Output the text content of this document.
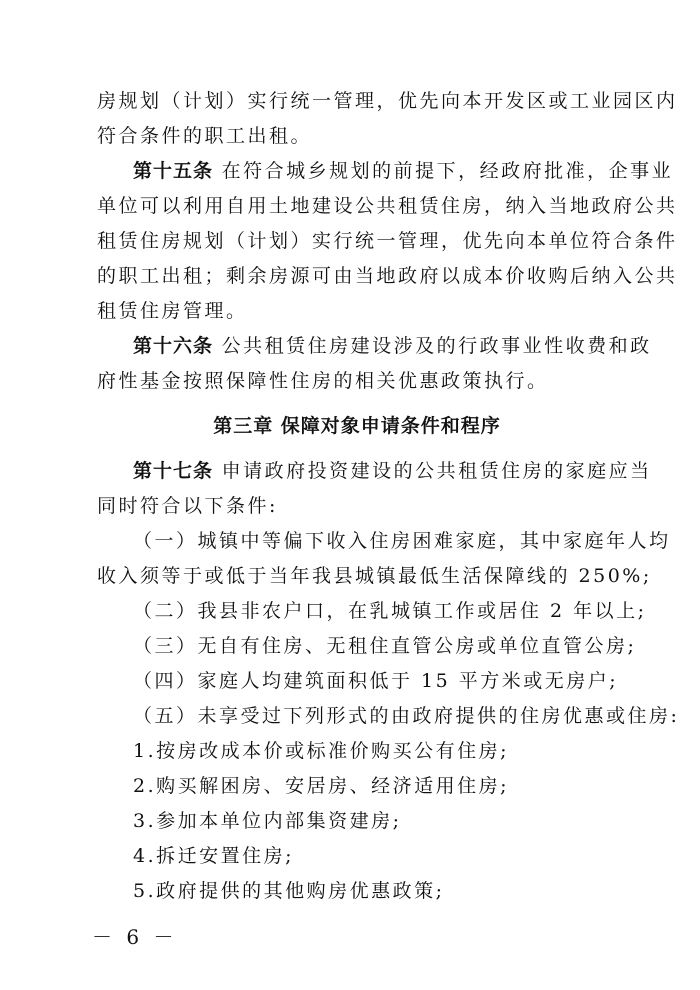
房规划（计划）实行统一管理，优先向本开发区或工业园区内
符合条件的职工出租。
第十五条 在符合城乡规划的前提下，经政府批准，企事业
单位可以利用自用土地建设公共租赁住房，纳入当地政府公共
租赁住房规划（计划）实行统一管理，优先向本单位符合条件
的职工出租；剩余房源可由当地政府以成本价收购后纳入公共
租赁住房管理。
第十六条 公共租赁住房建设涉及的行政事业性收费和政
府性基金按照保障性住房的相关优惠政策执行。
第三章 保障对象申请条件和程序
第十七条 申请政府投资建设的公共租赁住房的家庭应当
同时符合以下条件:
（一）城镇中等偏下收入住房困难家庭，其中家庭年人均
收入须等于或低于当年我县城镇最低生活保障线的 250%;
（二）我县非农户口，在乳城镇工作或居住 2 年以上;
（三）无自有住房、无租住直管公房或单位直管公房;
（四）家庭人均建筑面积低于 15 平方米或无房户;
（五）未享受过下列形式的由政府提供的住房优惠或住房:
1.按房改成本价或标准价购买公有住房;
2.购买解困房、安居房、经济适用住房;
3.参加本单位内部集资建房;
4.拆迁安置住房;
5.政府提供的其他购房优惠政策;
－ 6 －
